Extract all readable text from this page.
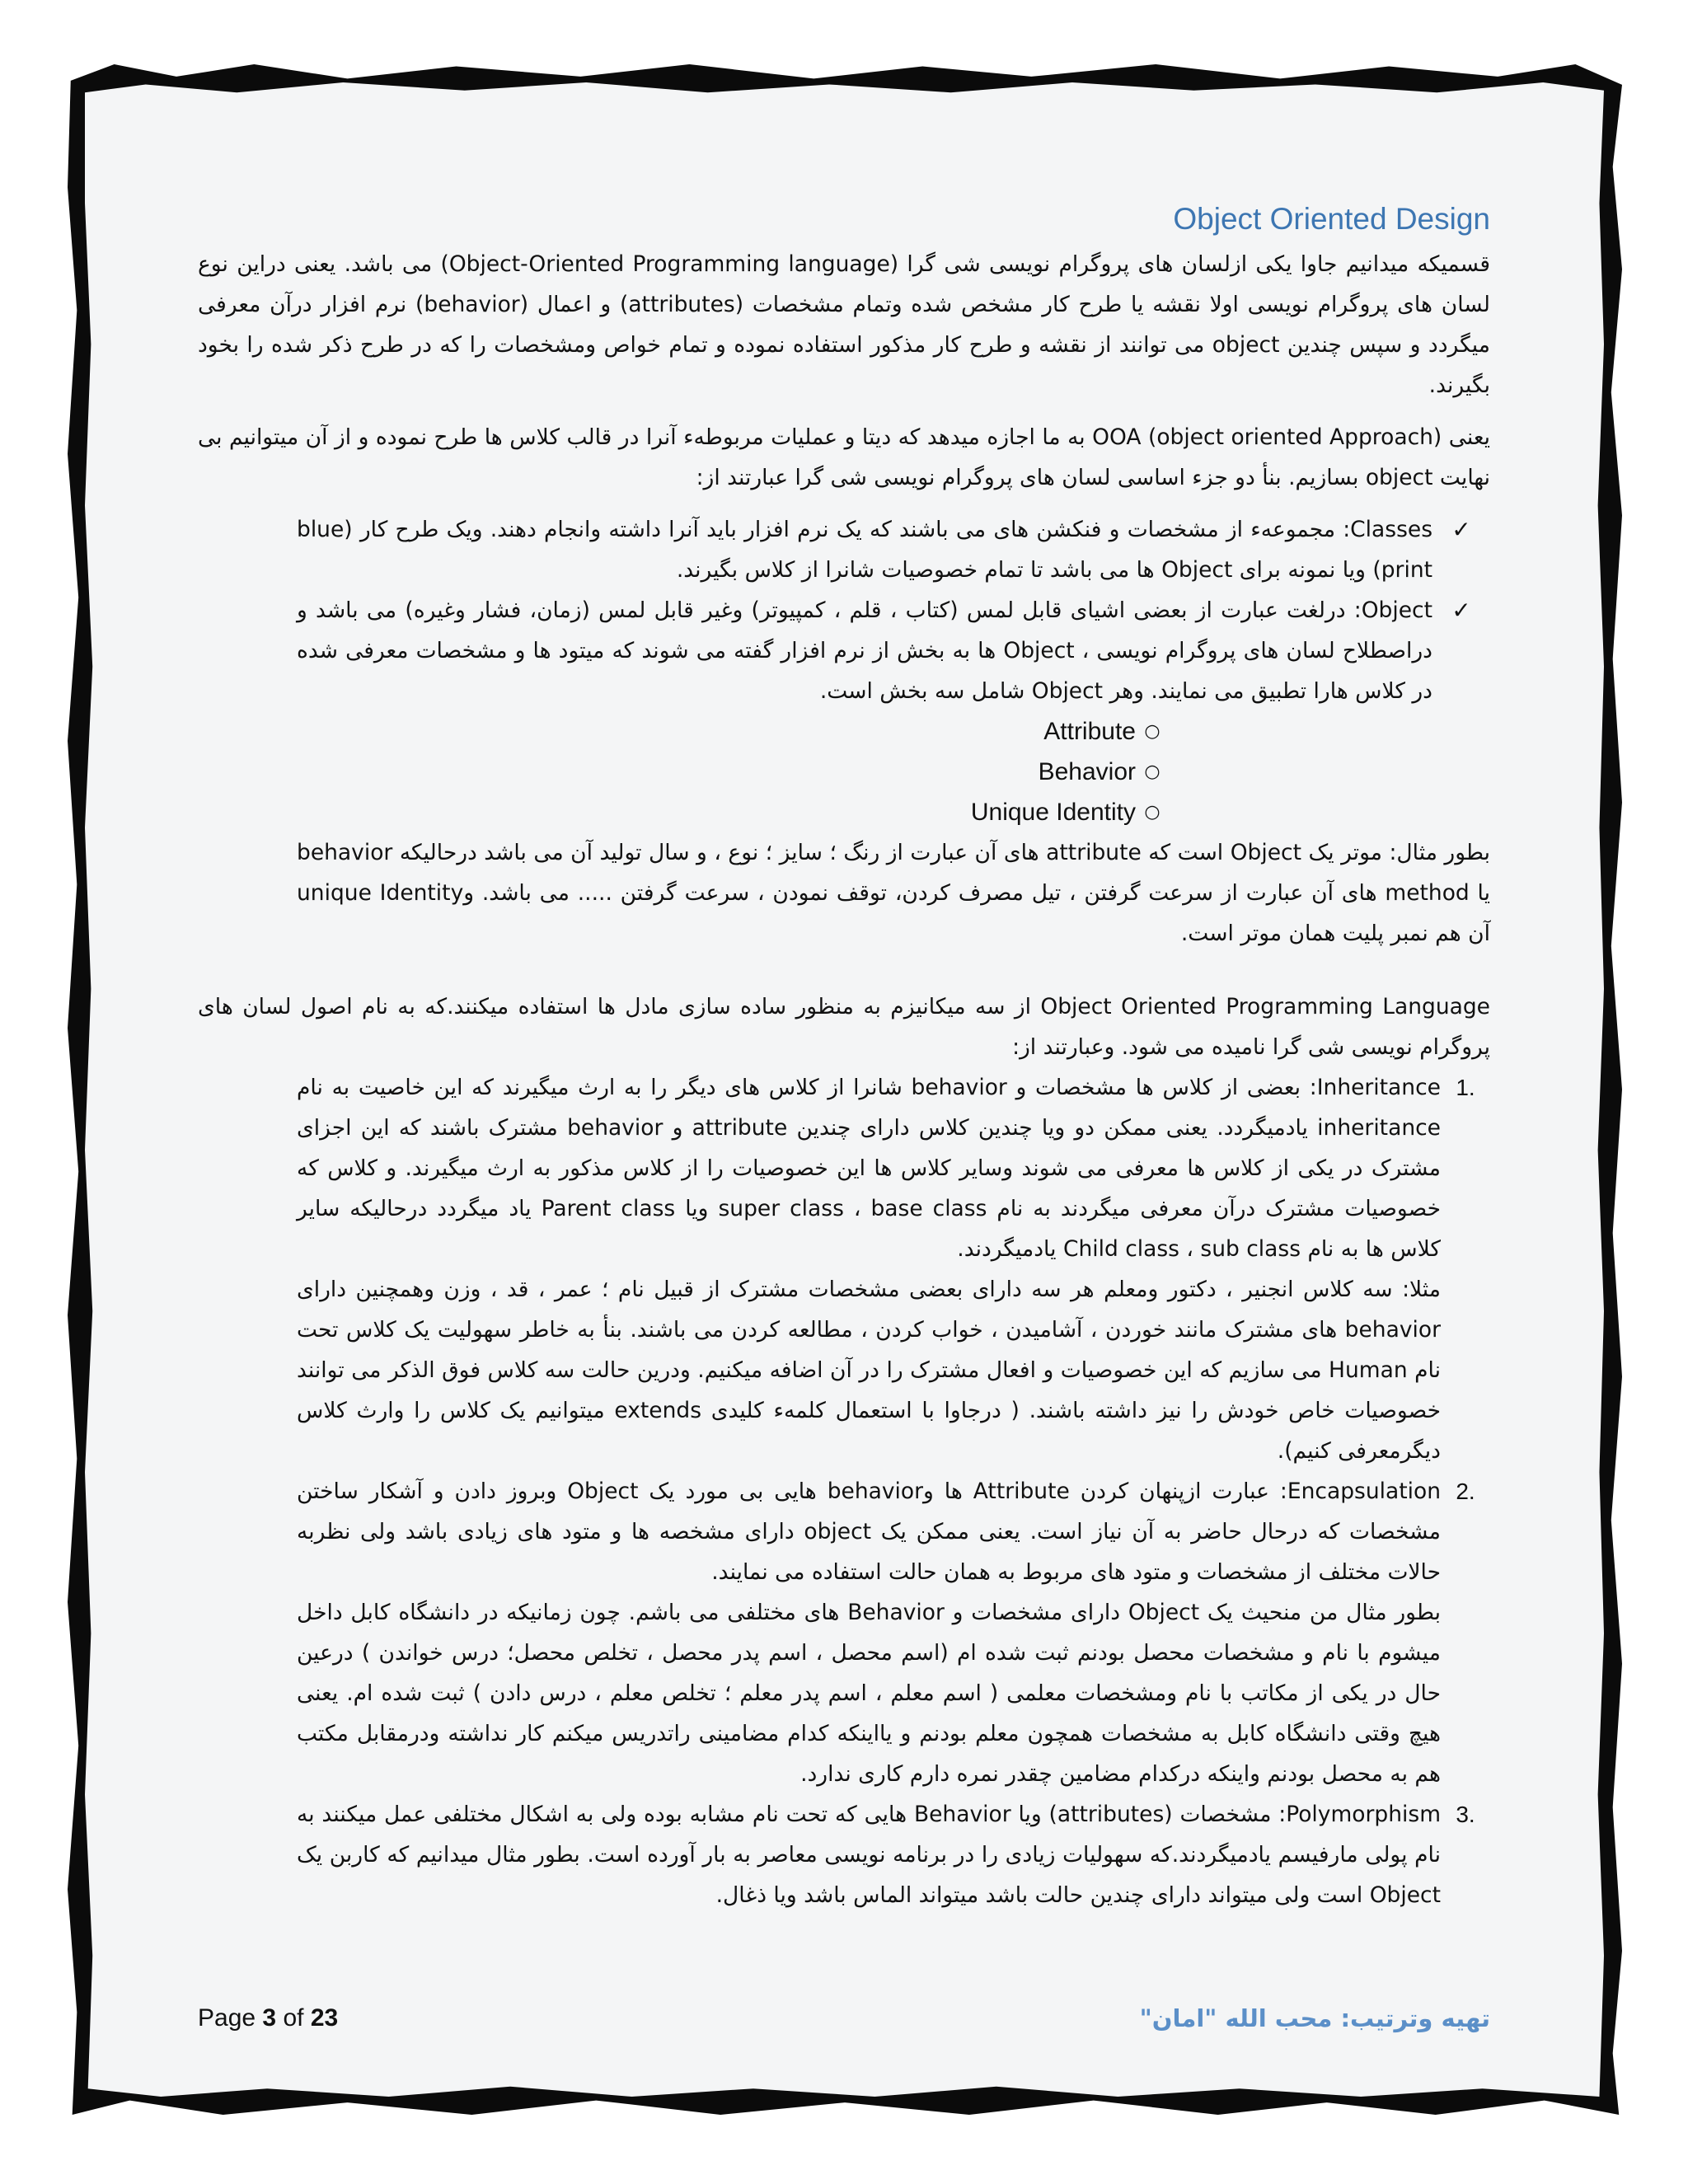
Object Oriented Design
قسمیکه میدانیم جاوا یکی ازلسان های پروگرام نویسی شی گرا (Object-Oriented Programming language) می باشد. یعنی دراین نوع لسان های پروگرام نویسی اولا نقشه یا طرح کار مشخص شده وتمام مشخصات (attributes) و اعمال (behavior) نرم افزار درآن معرفی میگردد و سپس چندین object می توانند از نقشه و طرح کار مذکور استفاده نموده و تمام خواص ومشخصات را که در طرح ذکر شده را بخود بگیرند.
یعنی OOA (object oriented Approach) به ما اجازه میدهد که دیتا و عملیات مربوطهء آنرا در قالب کلاس ها طرح نموده و از آن میتوانیم بی نهایت object بسازیم. بنأ دو جزء اساسی لسان های پروگرام نویسی شی گرا عبارتند از:
✓
Classes: مجموعهء از مشخصات و فنکشن های می باشند که یک نرم افزار باید آنرا داشته وانجام دهند. ویک طرح کار (blue print) ویا نمونه برای Object ها می باشد تا تمام خصوصیات شانرا از کلاس بگیرند.
✓
Object: درلغت عبارت از بعضی اشیای قابل لمس (کتاب ، قلم ، کمپیوتر) وغیر قابل لمس (زمان، فشار وغیره) می باشد و دراصطلاح لسان های پروگرام نویسی ، Object ها به بخش از نرم افزار گفته می شوند که میتود ها و مشخصات معرفی شده در کلاس هارا تطبیق می نمایند. وهر Object شامل سه بخش است.
○
Attribute
○
Behavior
○
Unique Identity
بطور مثال: موتر یک Object است که attribute های آن عبارت از رنگ ؛ سایز ؛ نوع ، و سال تولید آن می باشد درحالیکه behavior یا method های آن عبارت از سرعت گرفتن ، تیل مصرف کردن، توقف نمودن ، سرعت گرفتن ..... می باشد. وunique Identity آن هم نمبر پلیت همان موتر است.
Object Oriented Programming Language از سه میکانیزم به منظور ساده سازی مادل ها استفاده میکنند.که به نام اصول لسان های پروگرام نویسی شی گرا نامیده می شود. وعبارتند از:
1.
Inheritance: بعضی از کلاس ها مشخصات و behavior شانرا از کلاس های دیگر را به ارث میگیرند که این خاصیت به نام inheritance یادمیگردد. یعنی ممکن دو ویا چندین کلاس دارای چندین attribute و behavior مشترک باشند که این اجزای مشترک در یکی از کلاس ها معرفی می شوند وسایر کلاس ها این خصوصیات را از کلاس مذکور به ارث میگیرند. و کلاس که خصوصیات مشترک درآن معرفی میگردند به نام super class ، base class ویا Parent class یاد میگردد درحالیکه سایر کلاس ها به نام Child class ، sub class یادمیگردند.
مثلا: سه کلاس انجنیر ، دکتور ومعلم هر سه دارای بعضی مشخصات مشترک از قبیل نام ؛ عمر ، قد ، وزن وهمچنین دارای behavior های مشترک مانند خوردن ، آشامیدن ، خواب کردن ، مطالعه کردن می باشند. بنأ به خاطر سهولیت یک کلاس تحت نام Human می سازیم که این خصوصیات و افعال مشترک را در آن اضافه میکنیم. ودرین حالت سه کلاس فوق الذکر می توانند خصوصیات خاص خودش را نیز داشته باشند. ( درجاوا با استعمال کلمهء کلیدی extends میتوانیم یک کلاس را وارث کلاس دیگرمعرفی کنیم).
2.
Encapsulation: عبارت ازپنهان کردن Attribute ها وbehavior هایی بی مورد یک Object وبروز دادن و آشکار ساختن مشخصات که درحال حاضر به آن نیاز است. یعنی ممکن یک object دارای مشخصه ها و متود های زیادی باشد ولی نظربه حالات مختلف از مشخصات و متود های مربوط به همان حالت استفاده می نمایند.
بطور مثال من منحیث یک Object دارای مشخصات و Behavior های مختلفی می باشم. چون زمانیکه در دانشگاه کابل داخل میشوم با نام و مشخصات محصل بودنم ثبت شده ام (اسم محصل ، اسم پدر محصل ، تخلص محصل؛ درس خواندن ) درعین حال در یکی از مکاتب با نام ومشخصات معلمی ( اسم معلم ، اسم پدر معلم ؛ تخلص معلم ، درس دادن ) ثبت شده ام. یعنی هیچ وقتی دانشگاه کابل به مشخصات همچون معلم بودنم و یااینکه کدام مضامینی راتدریس میکنم کار نداشته ودرمقابل مکتب هم به محصل بودنم واینکه درکدام مضامین چقدر نمره دارم کاری ندارد.
3.
Polymorphism: مشخصات (attributes) ویا Behavior هایی که تحت نام مشابه بوده ولی به اشکال مختلفی عمل میکنند به نام پولی مارفیسم یادمیگردند.که سهولیات زیادی را در برنامه نویسی معاصر به بار آورده است. بطور مثال میدانیم که کاربن یک Object است ولی میتواند دارای چندین حالت باشد میتواند الماس باشد ویا ذغال.
Page 3 of 23	تهیه وترتیب: محب الله "امان"
